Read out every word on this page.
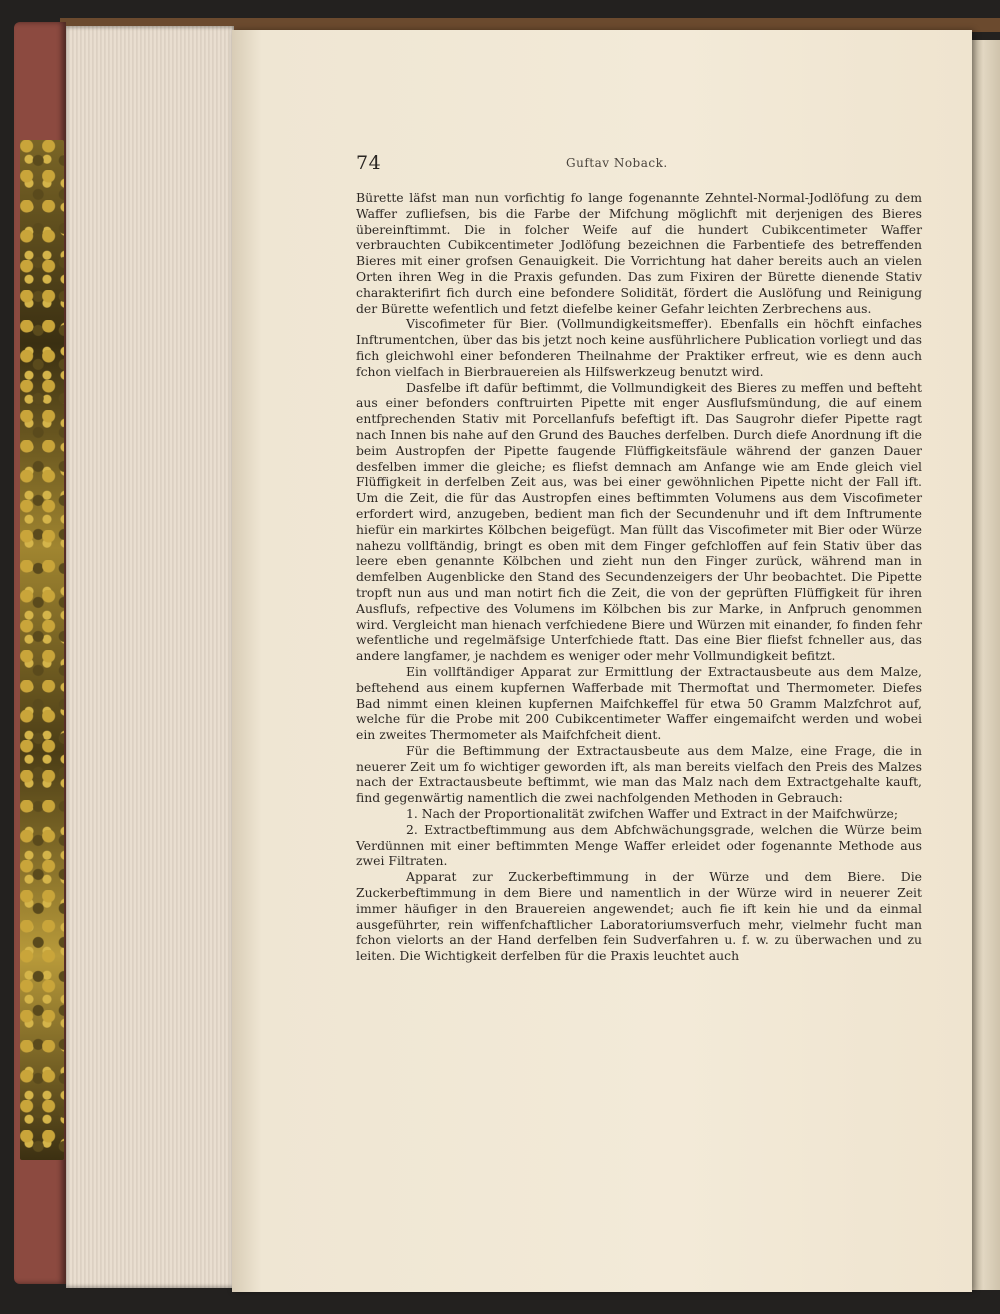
74	Guftav Noback.

Bürette läfst man nun vorfichtig fo lange fogenannte Zehntel-Normal-Jodlöfung zu dem Waffer zufliefsen, bis die Farbe der Mifchung möglichft mit derjenigen des Bieres übereinftimmt. Die in folcher Weife auf die hundert Cubikcentimeter Waffer verbrauchten Cubikcentimeter Jodlöfung bezeichnen die Farbentiefe des betreffenden Bieres mit einer grofsen Genauigkeit. Die Vorrichtung hat daher bereits auch an vielen Orten ihren Weg in die Praxis gefunden. Das zum Fixiren der Bürette dienende Stativ charakterifirt fich durch eine befondere Solidität, fördert die Auslöfung und Reinigung der Bürette wefentlich und fetzt diefelbe keiner Gefahr leichten Zerbrechens aus.

Viscofimeter für Bier. (Vollmundigkeitsmeffer). Ebenfalls ein höchft einfaches Inftrumentchen, über das bis jetzt noch keine ausführlichere Publication vorliegt und das fich gleichwohl einer befonderen Theilnahme der Praktiker erfreut, wie es denn auch fchon vielfach in Bierbrauereien als Hilfswerkzeug benutzt wird.

Dasfelbe ift dafür beftimmt, die Vollmundigkeit des Bieres zu meffen und befteht aus einer befonders conftruirten Pipette mit enger Ausflufsmündung, die auf einem entfprechenden Stativ mit Porcellanfufs befeftigt ift. Das Saugrohr diefer Pipette ragt nach Innen bis nahe auf den Grund des Bauches derfelben. Durch diefe Anordnung ift die beim Austropfen der Pipette faugende Flüffigkeitsfäule während der ganzen Dauer desfelben immer die gleiche; es fliefst demnach am Anfange wie am Ende gleich viel Flüffigkeit in derfelben Zeit aus, was bei einer gewöhnlichen Pipette nicht der Fall ift. Um die Zeit, die für das Austropfen eines beftimmten Volumens aus dem Viscofimeter erfordert wird, anzugeben, bedient man fich der Secundenuhr und ift dem Inftrumente hiefür ein markirtes Kölbchen beigefügt. Man füllt das Viscofimeter mit Bier oder Würze nahezu vollftändig, bringt es oben mit dem Finger gefchloffen auf fein Stativ über das leere eben genannte Kölbchen und zieht nun den Finger zurück, während man in demfelben Augenblicke den Stand des Secundenzeigers der Uhr beobachtet. Die Pipette tropft nun aus und man notirt fich die Zeit, die von der geprüften Flüffigkeit für ihren Ausflufs, refpective des Volumens im Kölbchen bis zur Marke, in Anfpruch genommen wird. Vergleicht man hienach verfchiedene Biere und Würzen mit einander, fo finden fehr wefentliche und regelmäfsige Unterfchiede ftatt. Das eine Bier fliefst fchneller aus, das andere langfamer, je nachdem es weniger oder mehr Vollmundigkeit befitzt.

Ein vollftändiger Apparat zur Ermittlung der Extractausbeute aus dem Malze, beftehend aus einem kupfernen Wafferbade mit Thermoftat und Thermometer. Diefes Bad nimmt einen kleinen kupfernen Maifchkeffel für etwa 50 Gramm Malzfchrot auf, welche für die Probe mit 200 Cubikcentimeter Waffer eingemaifcht werden und wobei ein zweites Thermometer als Maifchfcheit dient.

Für die Beftimmung der Extractausbeute aus dem Malze, eine Frage, die in neuerer Zeit um fo wichtiger geworden ift, als man bereits vielfach den Preis des Malzes nach der Extractausbeute beftimmt, wie man das Malz nach dem Extractgehalte kauft, find gegenwärtig namentlich die zwei nachfolgenden Methoden in Gebrauch:

1. Nach der Proportionalität zwifchen Waffer und Extract in der Maifchwürze;

2. Extractbeftimmung aus dem Abfchwächungsgrade, welchen die Würze beim Verdünnen mit einer beftimmten Menge Waffer erleidet oder fogenannte Methode aus zwei Filtraten.

Apparat zur Zuckerbeftimmung in der Würze und dem Biere. Die Zuckerbeftimmung in dem Biere und namentlich in der Würze wird in neuerer Zeit immer häufiger in den Brauereien angewendet; auch fie ift kein hie und da einmal ausgeführter, rein wiffenfchaftlicher Laboratoriumsverfuch mehr, vielmehr fucht man fchon vielorts an der Hand derfelben fein Sudverfahren u. f. w. zu überwachen und zu leiten. Die Wichtigkeit derfelben für die Praxis leuchtet auch
